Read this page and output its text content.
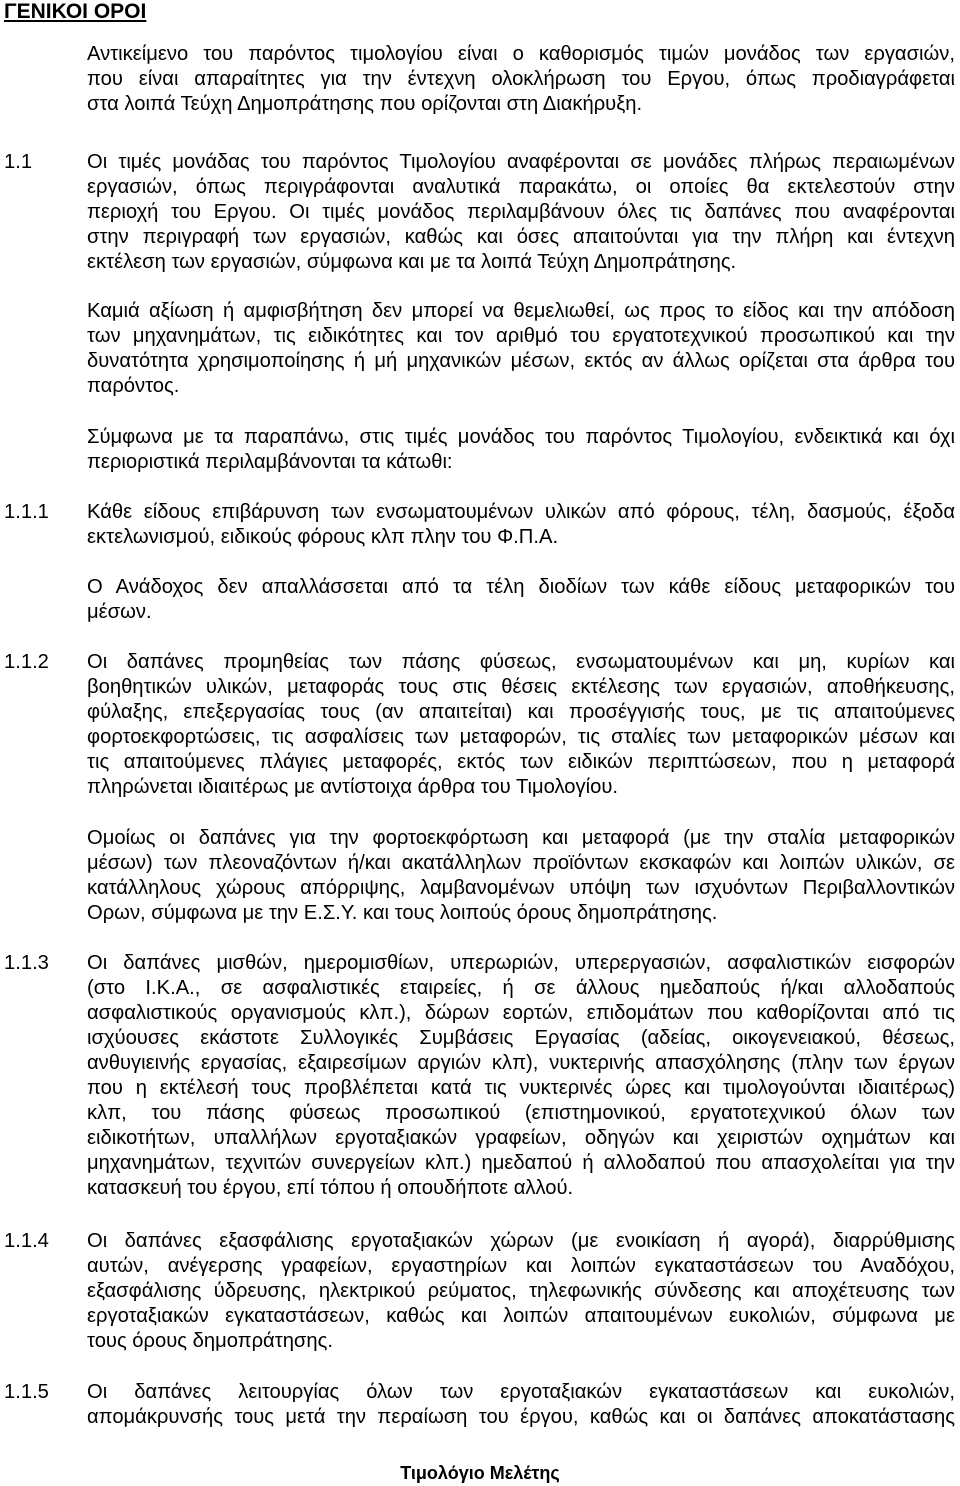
ΓΕΝΙΚΟΙ ΟΡΟΙ
Αντικείμενο του παρόντος τιμολογίου είναι ο καθορισμός τιμών μονάδος των εργασιών,
που είναι απαραίτητες για την έντεχνη ολοκλήρωση του Εργου, όπως προδιαγράφεται
στα λοιπά Τεύχη Δημοπράτησης που ορίζονται στη Διακήρυξη.
1.1	Οι τιμές μονάδας του παρόντος Τιμολογίου αναφέρονται σε μονάδες πλήρως περαιωμένων
εργασιών, όπως περιγράφονται αναλυτικά παρακάτω, οι οποίες θα εκτελεστούν στην
περιοχή του Εργου. Οι τιμές μονάδος περιλαμβάνουν όλες τις δαπάνες που αναφέρονται
στην περιγραφή των εργασιών, καθώς και όσες απαιτούνται για την πλήρη και έντεχνη
εκτέλεση των εργασιών, σύμφωνα και με τα λοιπά Τεύχη Δημοπράτησης.
Καμιά αξίωση ή αμφισβήτηση δεν μπορεί να θεμελιωθεί, ως προς το είδος και την απόδοση
των μηχανημάτων, τις ειδικότητες και τον αριθμό του εργατοτεχνικού προσωπικού και την
δυνατότητα χρησιμοποίησης ή μή μηχανικών μέσων, εκτός αν άλλως ορίζεται στα άρθρα του
παρόντος.
Σύμφωνα με τα παραπάνω, στις τιμές μονάδος του παρόντος Τιμολογίου, ενδεικτικά και όχι
περιοριστικά περιλαμβάνονται τα κάτωθι:
1.1.1 Κάθε είδους επιβάρυνση των ενσωματουμένων υλικών από φόρους, τέλη, δασμούς, έξοδα
εκτελωνισμού, ειδικούς φόρους κλπ πλην του Φ.Π.Α.
Ο Ανάδοχος δεν απαλλάσσεται από τα τέλη διοδίων των κάθε είδους μεταφορικών του
μέσων.
1.1.2 Οι δαπάνες προμηθείας των πάσης φύσεως, ενσωματουμένων και μη, κυρίων και
βοηθητικών υλικών, μεταφοράς τους στις θέσεις εκτέλεσης των εργασιών, αποθήκευσης,
φύλαξης, επεξεργασίας τους (αν απαιτείται) και προσέγγισής τους, με τις απαιτούμενες
φορτοεκφορτώσεις, τις ασφαλίσεις των μεταφορών, τις σταλίες των μεταφορικών μέσων και
τις απαιτούμενες πλάγιες μεταφορές, εκτός των ειδικών περιπτώσεων, που η μεταφορά
πληρώνεται ιδιαιτέρως με αντίστοιχα άρθρα του Τιμολογίου.
Ομοίως οι δαπάνες για την φορτοεκφόρτωση και μεταφορά (με την σταλία μεταφορικών
μέσων) των πλεοναζόντων ή/και ακατάλληλων προϊόντων εκσκαφών και λοιπών υλικών, σε
κατάλληλους χώρους απόρριψης, λαμβανομένων υπόψη των ισχυόντων Περιβαλλοντικών
Ορων, σύμφωνα με την Ε.Σ.Υ. και τους λοιπούς όρους δημοπράτησης.
1.1.3 Οι δαπάνες μισθών, ημερομισθίων, υπερωριών, υπερεργασιών, ασφαλιστικών εισφορών
(στο Ι.Κ.Α., σε ασφαλιστικές εταιρείες, ή σε άλλους ημεδαπούς ή/και αλλοδαπούς
ασφαλιστικούς οργανισμούς κλπ.), δώρων εορτών, επιδομάτων που καθορίζονται από τις
ισχύουσες εκάστοτε Συλλογικές Συμβάσεις Εργασίας (αδείας, οικογενειακού, θέσεως,
ανθυγιεινής εργασίας, εξαιρεσίμων αργιών κλπ), νυκτερινής απασχόλησης (πλην των έργων
που η εκτέλεσή τους προβλέπεται κατά τις νυκτερινές ώρες και τιμολογούνται ιδιαιτέρως)
κλπ, του πάσης φύσεως προσωπικού (επιστημονικού, εργατοτεχνικού όλων των
ειδικοτήτων, υπαλλήλων εργοταξιακών γραφείων, οδηγών και χειριστών οχημάτων και
μηχανημάτων, τεχνιτών συνεργείων κλπ.) ημεδαπού ή αλλοδαπού που απασχολείται για την
κατασκευή του έργου, επί τόπου ή οπουδήποτε αλλού.
1.1.4 Οι δαπάνες εξασφάλισης εργοταξιακών χώρων (με ενοικίαση ή αγορά), διαρρύθμισης
αυτών, ανέγερσης γραφείων, εργαστηρίων και λοιπών εγκαταστάσεων του Αναδόχου,
εξασφάλισης ύδρευσης, ηλεκτρικού ρεύματος, τηλεφωνικής σύνδεσης και αποχέτευσης των
εργοταξιακών εγκαταστάσεων, καθώς και λοιπών απαιτουμένων ευκολιών, σύμφωνα με
τους όρους δημοπράτησης.
1.1.5 Οι δαπάνες λειτουργίας όλων των εργοταξιακών εγκαταστάσεων και ευκολιών,
απομάκρυνσής τους μετά την περαίωση του έργου, καθώς και οι δαπάνες αποκατάστασης
Τιμολόγιο Μελέτης
